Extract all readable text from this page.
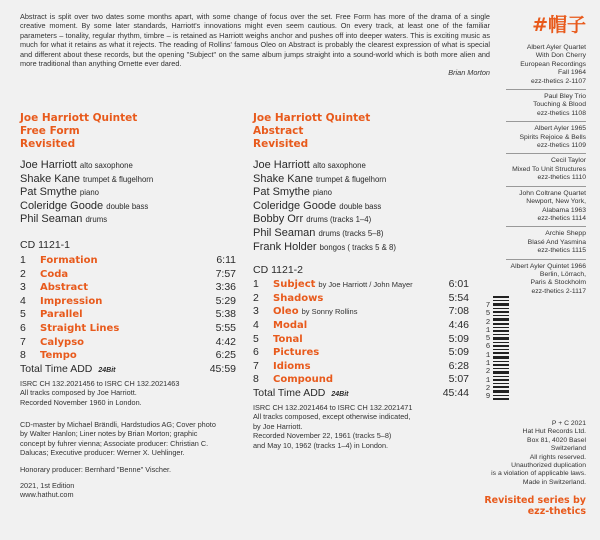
Abstract is split over two dates some months apart, with some change of focus over the set. Free Form has more of the drama of a single creative moment. By some later standards, Harriott's innovations might even seem cautious. On every track, at least one of the familiar parameters – tonality, regular rhythm, timbre – is retained as Harriott weighs anchor and pushes off into deeper waters. This is exciting music as much for what it retains as what it rejects. The reading of Rollins' famous Oleo on Abstract is probably the clearest expression of what is special and different about these records, but the opening "Subject" on the same album jumps straight into a sound-world which is both more alien and more traditional than anything Ornette ever dared.
Brian Morton

Joe Harriott Quintet
Free Form
Revisited
Joe Harriott alto saxophone
Shake Kane trumpet & flugelhorn
Pat Smythe piano
Coleridge Goode double bass
Phil Seaman drums
CD 1121-1
1 Formation	6:11
2 Coda	7:57
3 Abstract	3:36
4 Impression	5:29
5 Parallel	5:38
6 Straight Lines	5:55
7 Calypso	4:42
8 Tempo	6:25
Total Time ADD 24Bit	45:59
ISRC CH 132.2021456 to ISRC CH 132.2021463
All tracks composed by Joe Harriott.
Recorded November 1960 in London.
Joe Harriott Quintet
Abstract
Revisited
Joe Harriott alto saxophone
Shake Kane trumpet & flugelhorn
Pat Smythe piano
Coleridge Goode double bass
Bobby Orr drums (tracks 1–4)
Phil Seaman drums (tracks 5–8)
Frank Holder bongos ( tracks 5 & 8)
CD 1121-2
1 Subject by Joe Harriott / John Mayer	6:01
2 Shadows	5:54
3 Oleo by Sonny Rollins	7:08
4 Modal	4:46
5 Tonal	5:09
6 Pictures	5:09
7 Idioms	6:28
8 Compound	5:07
Total Time ADD 24Bit	45:44
ISRC CH 132.2021464 to ISRC CH 132.2021471
All tracks composed, except otherwise indicated,
by Joe Harriott.
Recorded November 22, 1961 (tracks 5–8)
and May 10, 1962 (tracks 1–4) in London.
CD-master by Michael Brändli, Hardstudios AG; Cover photo by Walter Hanlon; Liner notes by Brian Morton; graphic concept by fuhrer vienna; Associate producer: Christian C. Dalucas; Executive producer: Werner X. Uehlinger.
Honorary producer: Bernhard "Benne" Vischer.
2021, 1st Edition
www.hathut.com
#帽子
Albert Ayler Quartet
With Don Cherry
European Recordings
Fall 1964
ezz-thetics 2-1107
Paul Bley Trio
Touching & Blood
ezz-thetics 1108
Albert Ayler 1965
Spirits Rejoice & Bells
ezz-thetics 1109
Cecil Taylor
Mixed To Unit Structures
ezz-thetics 1110
John Coltrane Quartet
Newport, New York,
Alabama 1963
ezz-thetics 1114
Archie Shepp
Blasé And Yasmina
ezz-thetics 1115
Albert Ayler Quintet 1966
Berlin, Lörrach,
Paris & Stockholm
ezz-thetics 2-1117
752156112129
P + C 2021
Hat Hut Records Ltd.
Box 81, 4020 Basel
Switzerland
All rights reserved.
Unauthorized duplication
is a violation of applicable laws.
Made in Switzerland.
Revisited series by
ezz-thetics
